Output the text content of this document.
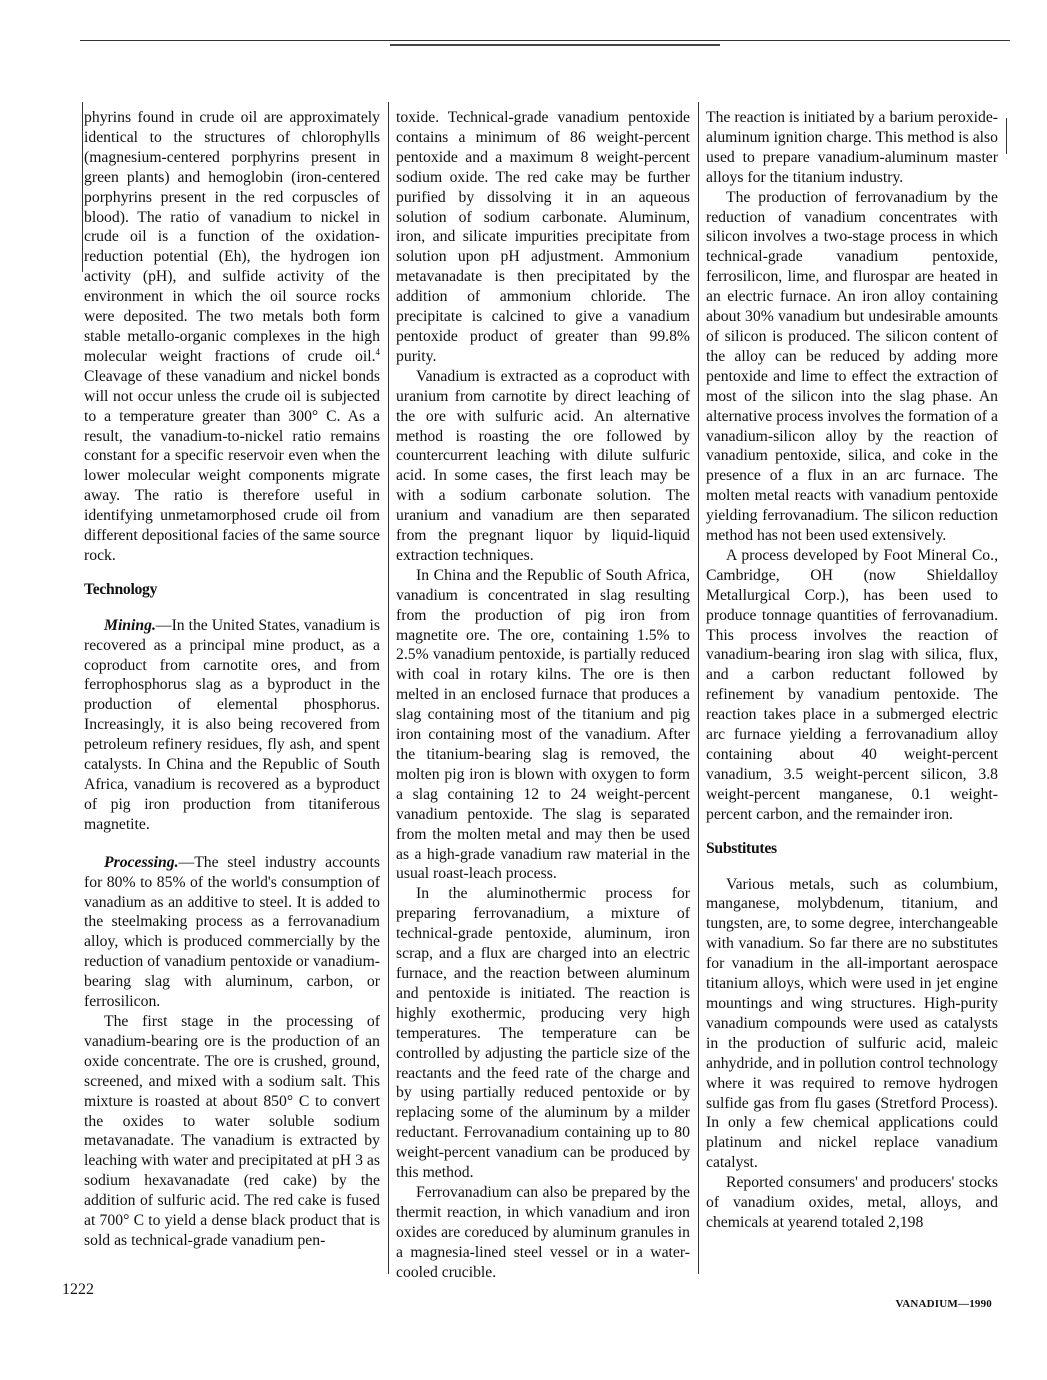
phyrins found in crude oil are approximately identical to the structures of chlorophylls (magnesium-centered porphyrins present in green plants) and hemoglobin (iron-centered porphyrins present in the red corpuscles of blood). The ratio of vanadium to nickel in crude oil is a function of the oxidation-reduction potential (Eh), the hydrogen ion activity (pH), and sulfide activity of the environment in which the oil source rocks were deposited. The two metals both form stable metallo-organic complexes in the high molecular weight fractions of crude oil.$^4$ Cleavage of these vanadium and nickel bonds will not occur unless the crude oil is subjected to a temperature greater than 300° C. As a result, the vanadium-to-nickel ratio remains constant for a specific reservoir even when the lower molecular weight components migrate away. The ratio is therefore useful in identifying unmetamorphosed crude oil from different depositional facies of the same source rock.

Technology

Mining.—In the United States, vanadium is recovered as a principal mine product, as a coproduct from carnotite ores, and from ferrophosphorus slag as a byproduct in the production of elemental phosphorus. Increasingly, it is also being recovered from petroleum refinery residues, fly ash, and spent catalysts. In China and the Republic of South Africa, vanadium is recovered as a byproduct of pig iron production from titaniferous magnetite.

Processing.—The steel industry accounts for 80% to 85% of the world's consumption of vanadium as an additive to steel. It is added to the steelmaking process as a ferrovanadium alloy, which is produced commercially by the reduction of vanadium pentoxide or vanadium-bearing slag with aluminum, carbon, or ferrosilicon.

The first stage in the processing of vanadium-bearing ore is the production of an oxide concentrate. The ore is crushed, ground, screened, and mixed with a sodium salt. This mixture is roasted at about 850° C to convert the oxides to water soluble sodium metavanadate. The vanadium is extracted by leaching with water and precipitated at pH 3 as sodium hexavanadate (red cake) by the addition of sulfuric acid. The red cake is fused at 700° C to yield a dense black product that is sold as technical-grade vanadium pen-

toxide. Technical-grade vanadium pentoxide contains a minimum of 86 weight-percent pentoxide and a maximum 8 weight-percent sodium oxide. The red cake may be further purified by dissolving it in an aqueous solution of sodium carbonate. Aluminum, iron, and silicate impurities precipitate from solution upon pH adjustment. Ammonium metavanadate is then precipitated by the addition of ammonium chloride. The precipitate is calcined to give a vanadium pentoxide product of greater than 99.8% purity.

Vanadium is extracted as a coproduct with uranium from carnotite by direct leaching of the ore with sulfuric acid. An alternative method is roasting the ore followed by countercurrent leaching with dilute sulfuric acid. In some cases, the first leach may be with a sodium carbonate solution. The uranium and vanadium are then separated from the pregnant liquor by liquid-liquid extraction techniques.

In China and the Republic of South Africa, vanadium is concentrated in slag resulting from the production of pig iron from magnetite ore. The ore, containing 1.5% to 2.5% vanadium pentoxide, is partially reduced with coal in rotary kilns. The ore is then melted in an enclosed furnace that produces a slag containing most of the titanium and pig iron containing most of the vanadium. After the titanium-bearing slag is removed, the molten pig iron is blown with oxygen to form a slag containing 12 to 24 weight-percent vanadium pentoxide. The slag is separated from the molten metal and may then be used as a high-grade vanadium raw material in the usual roast-leach process.

In the aluminothermic process for preparing ferrovanadium, a mixture of technical-grade pentoxide, aluminum, iron scrap, and a flux are charged into an electric furnace, and the reaction between aluminum and pentoxide is initiated. The reaction is highly exothermic, producing very high temperatures. The temperature can be controlled by adjusting the particle size of the reactants and the feed rate of the charge and by using partially reduced pentoxide or by replacing some of the aluminum by a milder reductant. Ferrovanadium containing up to 80 weight-percent vanadium can be produced by this method.

Ferrovanadium can also be prepared by the thermit reaction, in which vanadium and iron oxides are coreduced by aluminum granules in a magnesia-lined steel vessel or in a water-cooled crucible.

The reaction is initiated by a barium peroxide-aluminum ignition charge. This method is also used to prepare vanadium-aluminum master alloys for the titanium industry.

The production of ferrovanadium by the reduction of vanadium concentrates with silicon involves a two-stage process in which technical-grade vanadium pentoxide, ferrosilicon, lime, and flurospar are heated in an electric furnace. An iron alloy containing about 30% vanadium but undesirable amounts of silicon is produced. The silicon content of the alloy can be reduced by adding more pentoxide and lime to effect the extraction of most of the silicon into the slag phase. An alternative process involves the formation of a vanadium-silicon alloy by the reaction of vanadium pentoxide, silica, and coke in the presence of a flux in an arc furnace. The molten metal reacts with vanadium pentoxide yielding ferrovanadium. The silicon reduction method has not been used extensively.

A process developed by Foot Mineral Co., Cambridge, OH (now Shieldalloy Metallurgical Corp.), has been used to produce tonnage quantities of ferrovanadium. This process involves the reaction of vanadium-bearing iron slag with silica, flux, and a carbon reductant followed by refinement by vanadium pentoxide. The reaction takes place in a submerged electric arc furnace yielding a ferrovanadium alloy containing about 40 weight-percent vanadium, 3.5 weight-percent silicon, 3.8 weight-percent manganese, 0.1 weight-percent carbon, and the remainder iron.

Substitutes

Various metals, such as columbium, manganese, molybdenum, titanium, and tungsten, are, to some degree, interchangeable with vanadium. So far there are no substitutes for vanadium in the all-important aerospace titanium alloys, which were used in jet engine mountings and wing structures. High-purity vanadium compounds were used as catalysts in the production of sulfuric acid, maleic anhydride, and in pollution control technology where it was required to remove hydrogen sulfide gas from flu gases (Stretford Process). In only a few chemical applications could platinum and nickel replace vanadium catalyst.

Reported consumers' and producers' stocks of vanadium oxides, metal, alloys, and chemicals at yearend totaled 2,198

1222
VANADIUM—1990
